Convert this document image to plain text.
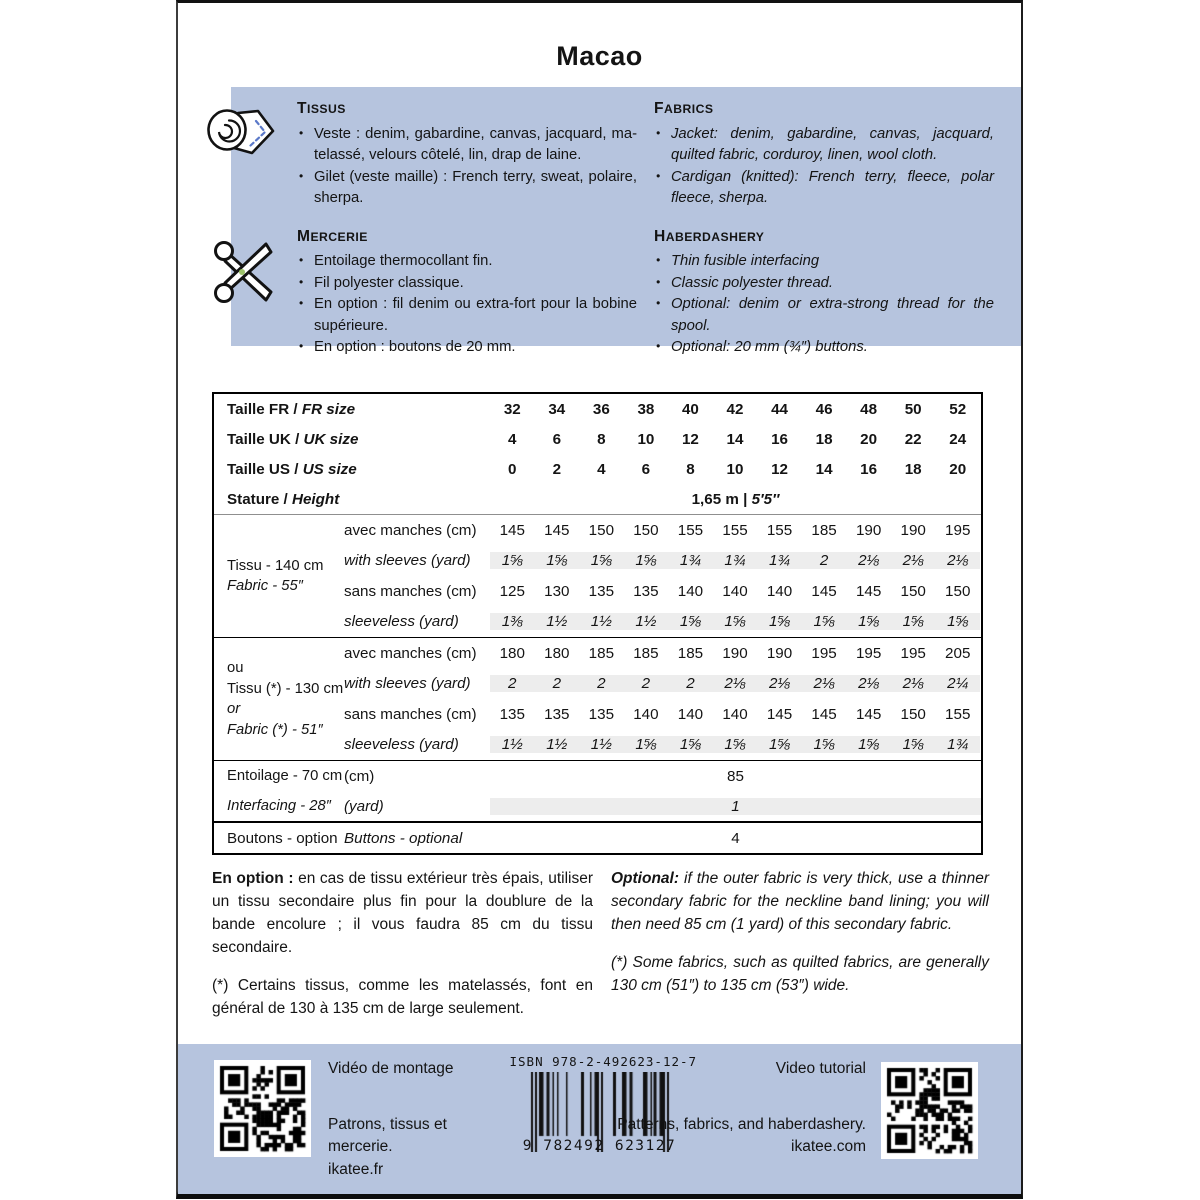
Macao
TISSUS
• Veste : denim, gabardine, canvas, jacquard, matelassé, velours côtelé, lin, drap de laine.
• Gilet (veste maille) : French terry, sweat, polaire, sherpa.
MERCERIE
• Entoilage thermocollant fin.
• Fil polyester classique.
• En option : fil denim ou extra-fort pour la bobine supérieure.
• En option : boutons de 20 mm.
FABRICS
• Jacket: denim, gabardine, canvas, jacquard, quilted fabric, corduroy, linen, wool cloth.
• Cardigan (knitted): French terry, fleece, polar fleece, sherpa.
HABERDASHERY
• Thin fusible interfacing
• Classic polyester thread.
• Optional: denim or extra-strong thread for the spool.
• Optional: 20 mm (¾″) buttons.
Taille FR / FR size	32	34	36	38	40	42	44	46	48	50	52
Taille UK / UK size	4	6	8	10	12	14	16	18	20	22	24
Taille US / US size	0	2	4	6	8	10	12	14	16	18	20
Stature / Height	1,65 m | 5′5″
Tissu - 140 cm
Fabric - 55″
avec manches (cm)	145	145	150	150	155	155	155	185	190	190	195
with sleeves (yard)	1⅝	1⅝	1⅝	1⅝	1¾	1¾	1¾	2	2⅛	2⅛	2⅛
sans manches (cm)	125	130	135	135	140	140	140	145	145	150	150
sleeveless (yard)	1⅜	1½	1½	1½	1⅝	1⅝	1⅝	1⅝	1⅝	1⅝	1⅝
ou
Tissu (*) - 130 cm
or
Fabric (*) - 51″
avec manches (cm)	180	180	185	185	185	190	190	195	195	195	205
with sleeves (yard)	2	2	2	2	2	2⅛	2⅛	2⅛	2⅛	2⅛	2¼
sans manches (cm)	135	135	135	140	140	140	145	145	145	150	155
sleeveless (yard)	1½	1½	1½	1⅝	1⅝	1⅝	1⅝	1⅝	1⅝	1⅝	1¾
Entoilage - 70 cm
Interfacing - 28″
(cm)	85
(yard)	1
Boutons - option Buttons - optional	4

En option : en cas de tissu extérieur très épais, utiliser un tissu secondaire plus fin pour la doublure de la bande encolure ; il vous faudra 85 cm du tissu secondaire.

(*) Certains tissus, comme les matelassés, font en général de 130 à 135 cm de large seulement.

Optional: if the outer fabric is very thick, use a thinner secondary fabric for the neckline band lining; you will then need 85 cm (1 yard) of this secondary fabric.

(*) Some fabrics, such as quilted fabrics, are generally 130 cm (51″) to 135 cm (53″) wide.

Vidéo de montage
Patrons, tissus et mercerie.
ikatee.fr
ISBN 978-2-492623-12-7
9 782492 623127
Video tutorial
Patterns, fabrics, and haberdashery.
ikatee.com
